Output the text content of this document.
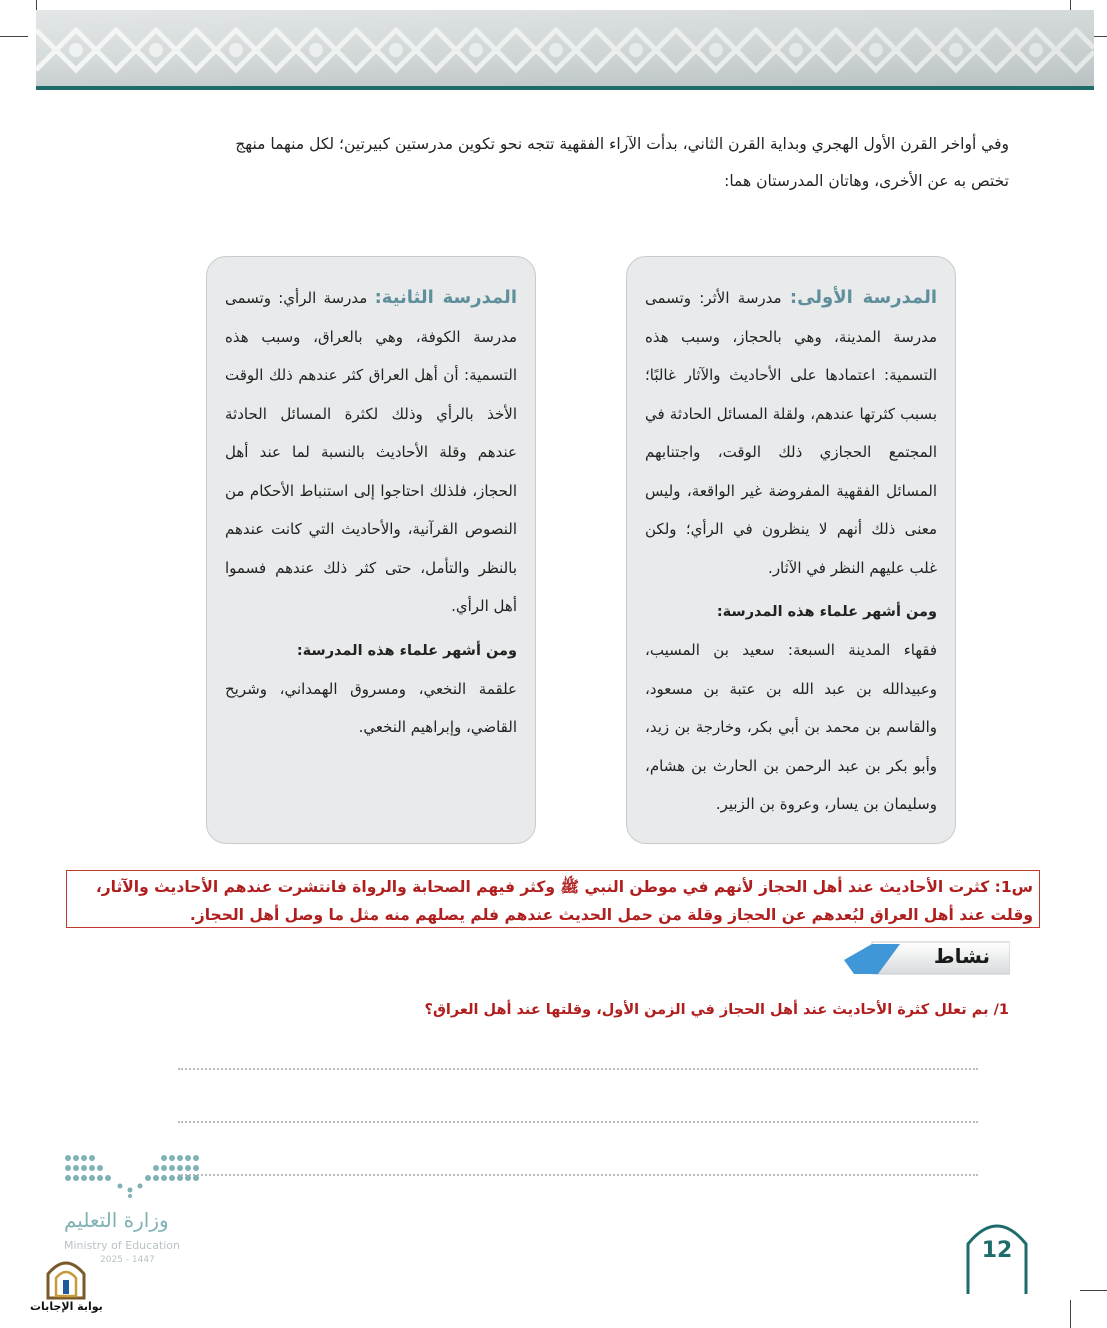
وفي أواخر القرن الأول الهجري وبداية القرن الثاني، بدأت الآراء الفقهية تتجه نحو تكوين مدرستين كبيرتين؛ لكل منهما منهج

تختص به عن الأخرى، وهاتان المدرستان هما:

المدرسة الأولى: مدرسة الأثر: وتسمى مدرسة المدينة، وهي بالحجاز، وسبب هذه التسمية: اعتمادها على الأحاديث والآثار غالبًا؛ بسبب كثرتها عندهم، ولقلة المسائل الحادثة في المجتمع الحجازي ذلك الوقت، واجتنابهم المسائل الفقهية المفروضة غير الواقعة، وليس معنى ذلك أنهم لا ينظرون في الرأي؛ ولكن غلب عليهم النظر في الآثار.

ومن أشهر علماء هذه المدرسة:

فقهاء المدينة السبعة: سعيد بن المسيب، وعبيدالله بن عبد الله بن عتبة بن مسعود، والقاسم بن محمد بن أبي بكر، وخارجة بن زيد، وأبو بكر بن عبد الرحمن بن الحارث بن هشام، وسليمان بن يسار، وعروة بن الزبير.

المدرسة الثانية: مدرسة الرأي: وتسمى مدرسة الكوفة، وهي بالعراق، وسبب هذه التسمية: أن أهل العراق كثر عندهم ذلك الوقت الأخذ بالرأي وذلك لكثرة المسائل الحادثة عندهم وقلة الأحاديث بالنسبة لما عند أهل الحجاز، فلذلك احتاجوا إلى استنباط الأحكام من النصوص القرآنية، والأحاديث التي كانت عندهم بالنظر والتأمل، حتى كثر ذلك عندهم فسموا أهل الرأي.

ومن أشهر علماء هذه المدرسة:

علقمة النخعي، ومسروق الهمداني، وشريح القاضي، وإبراهيم النخعي.

س1: كثرت الأحاديث عند أهل الحجاز لأنهم في موطن النبي ﷺ وكثر فيهم الصحابة والرواة فانتشرت عندهم الأحاديث والآثار،
وقلت عند أهل العراق لبُعدهم عن الحجاز وقلة من حمل الحديث عندهم فلم يصلهم منه مثل ما وصل أهل الحجاز.
نشاط
1/ بم تعلل كثرة الأحاديث عند أهل الحجاز في الزمن الأول، وقلتها عند أهل العراق؟
وزارة التعليم
Ministry of Education
2025 - 1447
بوابة الإجابات
12
